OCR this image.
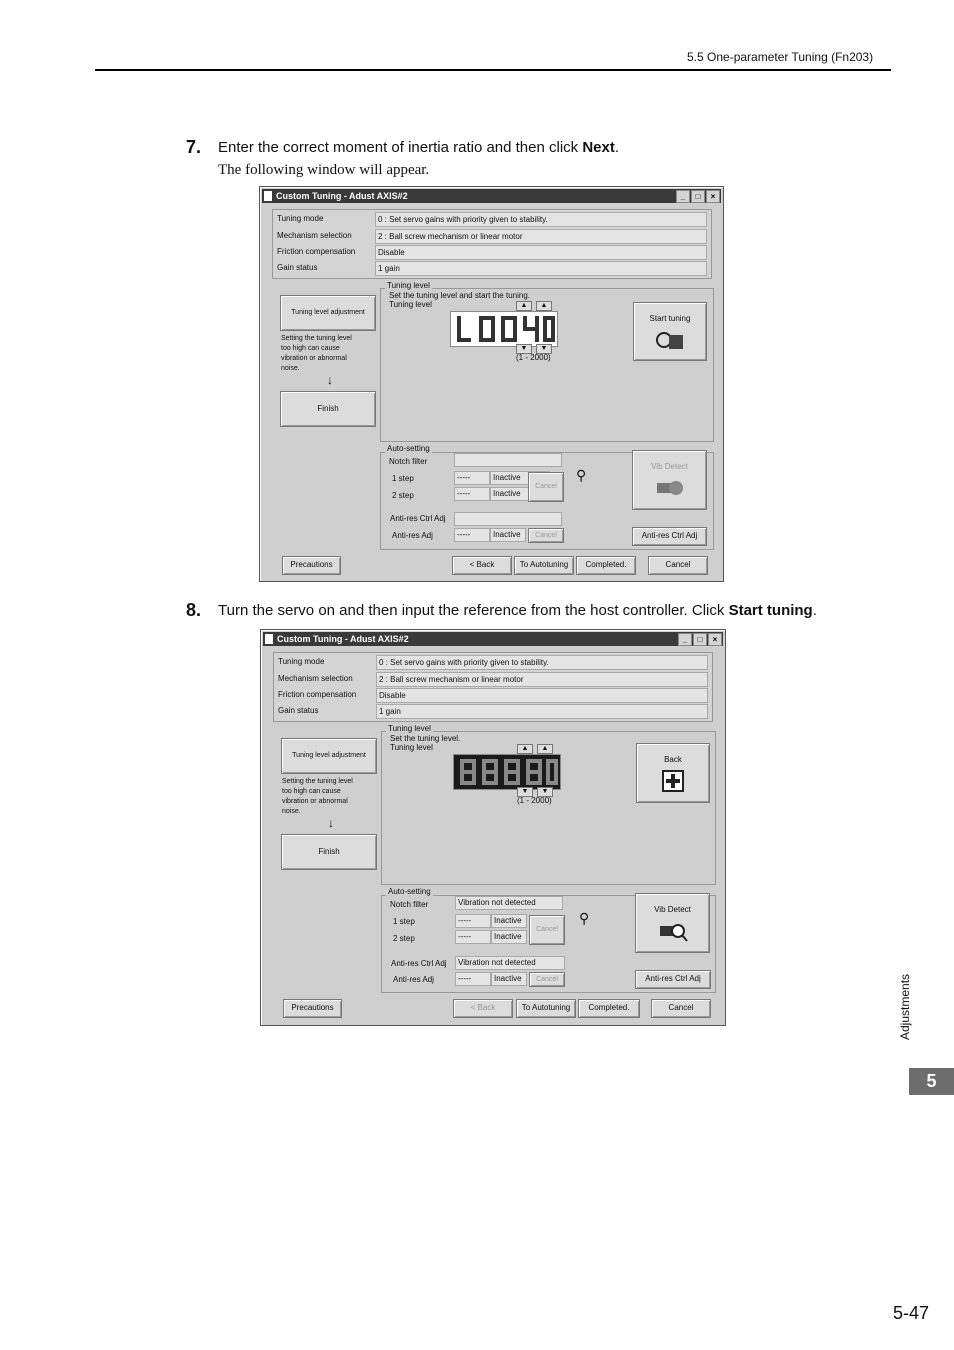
5.5 One-parameter Tuning (Fn203)
7. Enter the correct moment of inertia ratio and then click Next.
The following window will appear.
Custom Tuning - Adust AXIS#2	_	□	×
Tuning mode	0 : Set servo gains with priority given to stability.
Mechanism selection	2 : Ball screw mechanism or linear motor
Friction compensation	Disable
Gain status	1 gain
Tuning level adjustment
Setting the tuning level
too high can cause
vibration or abnormal
noise.
↓
Finish
Tuning level
Set the tuning level and start the tuning.
Tuning level	▲	▲
▼	▼
(1 - 2000)
Start tuning
Auto-setting
Notch filter
1 step	-----	Inactive
2 step	-----	Inactive
Cancel
⚲
Vib Detect
Anti-res Ctrl Adj
Anti-res Adj	-----	Inactive	Cancel	Anti-res Ctrl Adj
Precautions	< Back	To Autotuning	Completed.	Cancel
8. Turn the servo on and then input the reference from the host controller. Click Start tuning.
Custom Tuning - Adust AXIS#2	_	□	×
Tuning mode	0 : Set servo gains with priority given to stability.
Mechanism selection	2 : Ball screw mechanism or linear motor
Friction compensation	Disable
Gain status	1 gain
Tuning level adjustment
Setting the tuning level
too high can cause
vibration or abnormal
noise.
↓
Finish
Tuning level
Set the tuning level.
Tuning level	▲	▲
▼	▼
(1 - 2000)
Back
Auto-setting
Notch filter	Vibration not detected
1 step	-----	Inactive
2 step	-----	Inactive
Cancel
⚲
Vib Detect
Anti-res Ctrl Adj	Vibration not detected
Anti-res Adj	-----	Inactive	Cancel	Anti-res Ctrl Adj
Precautions	< Back	To Autotuning	Completed.	Cancel	Adjustments
5
5-47
